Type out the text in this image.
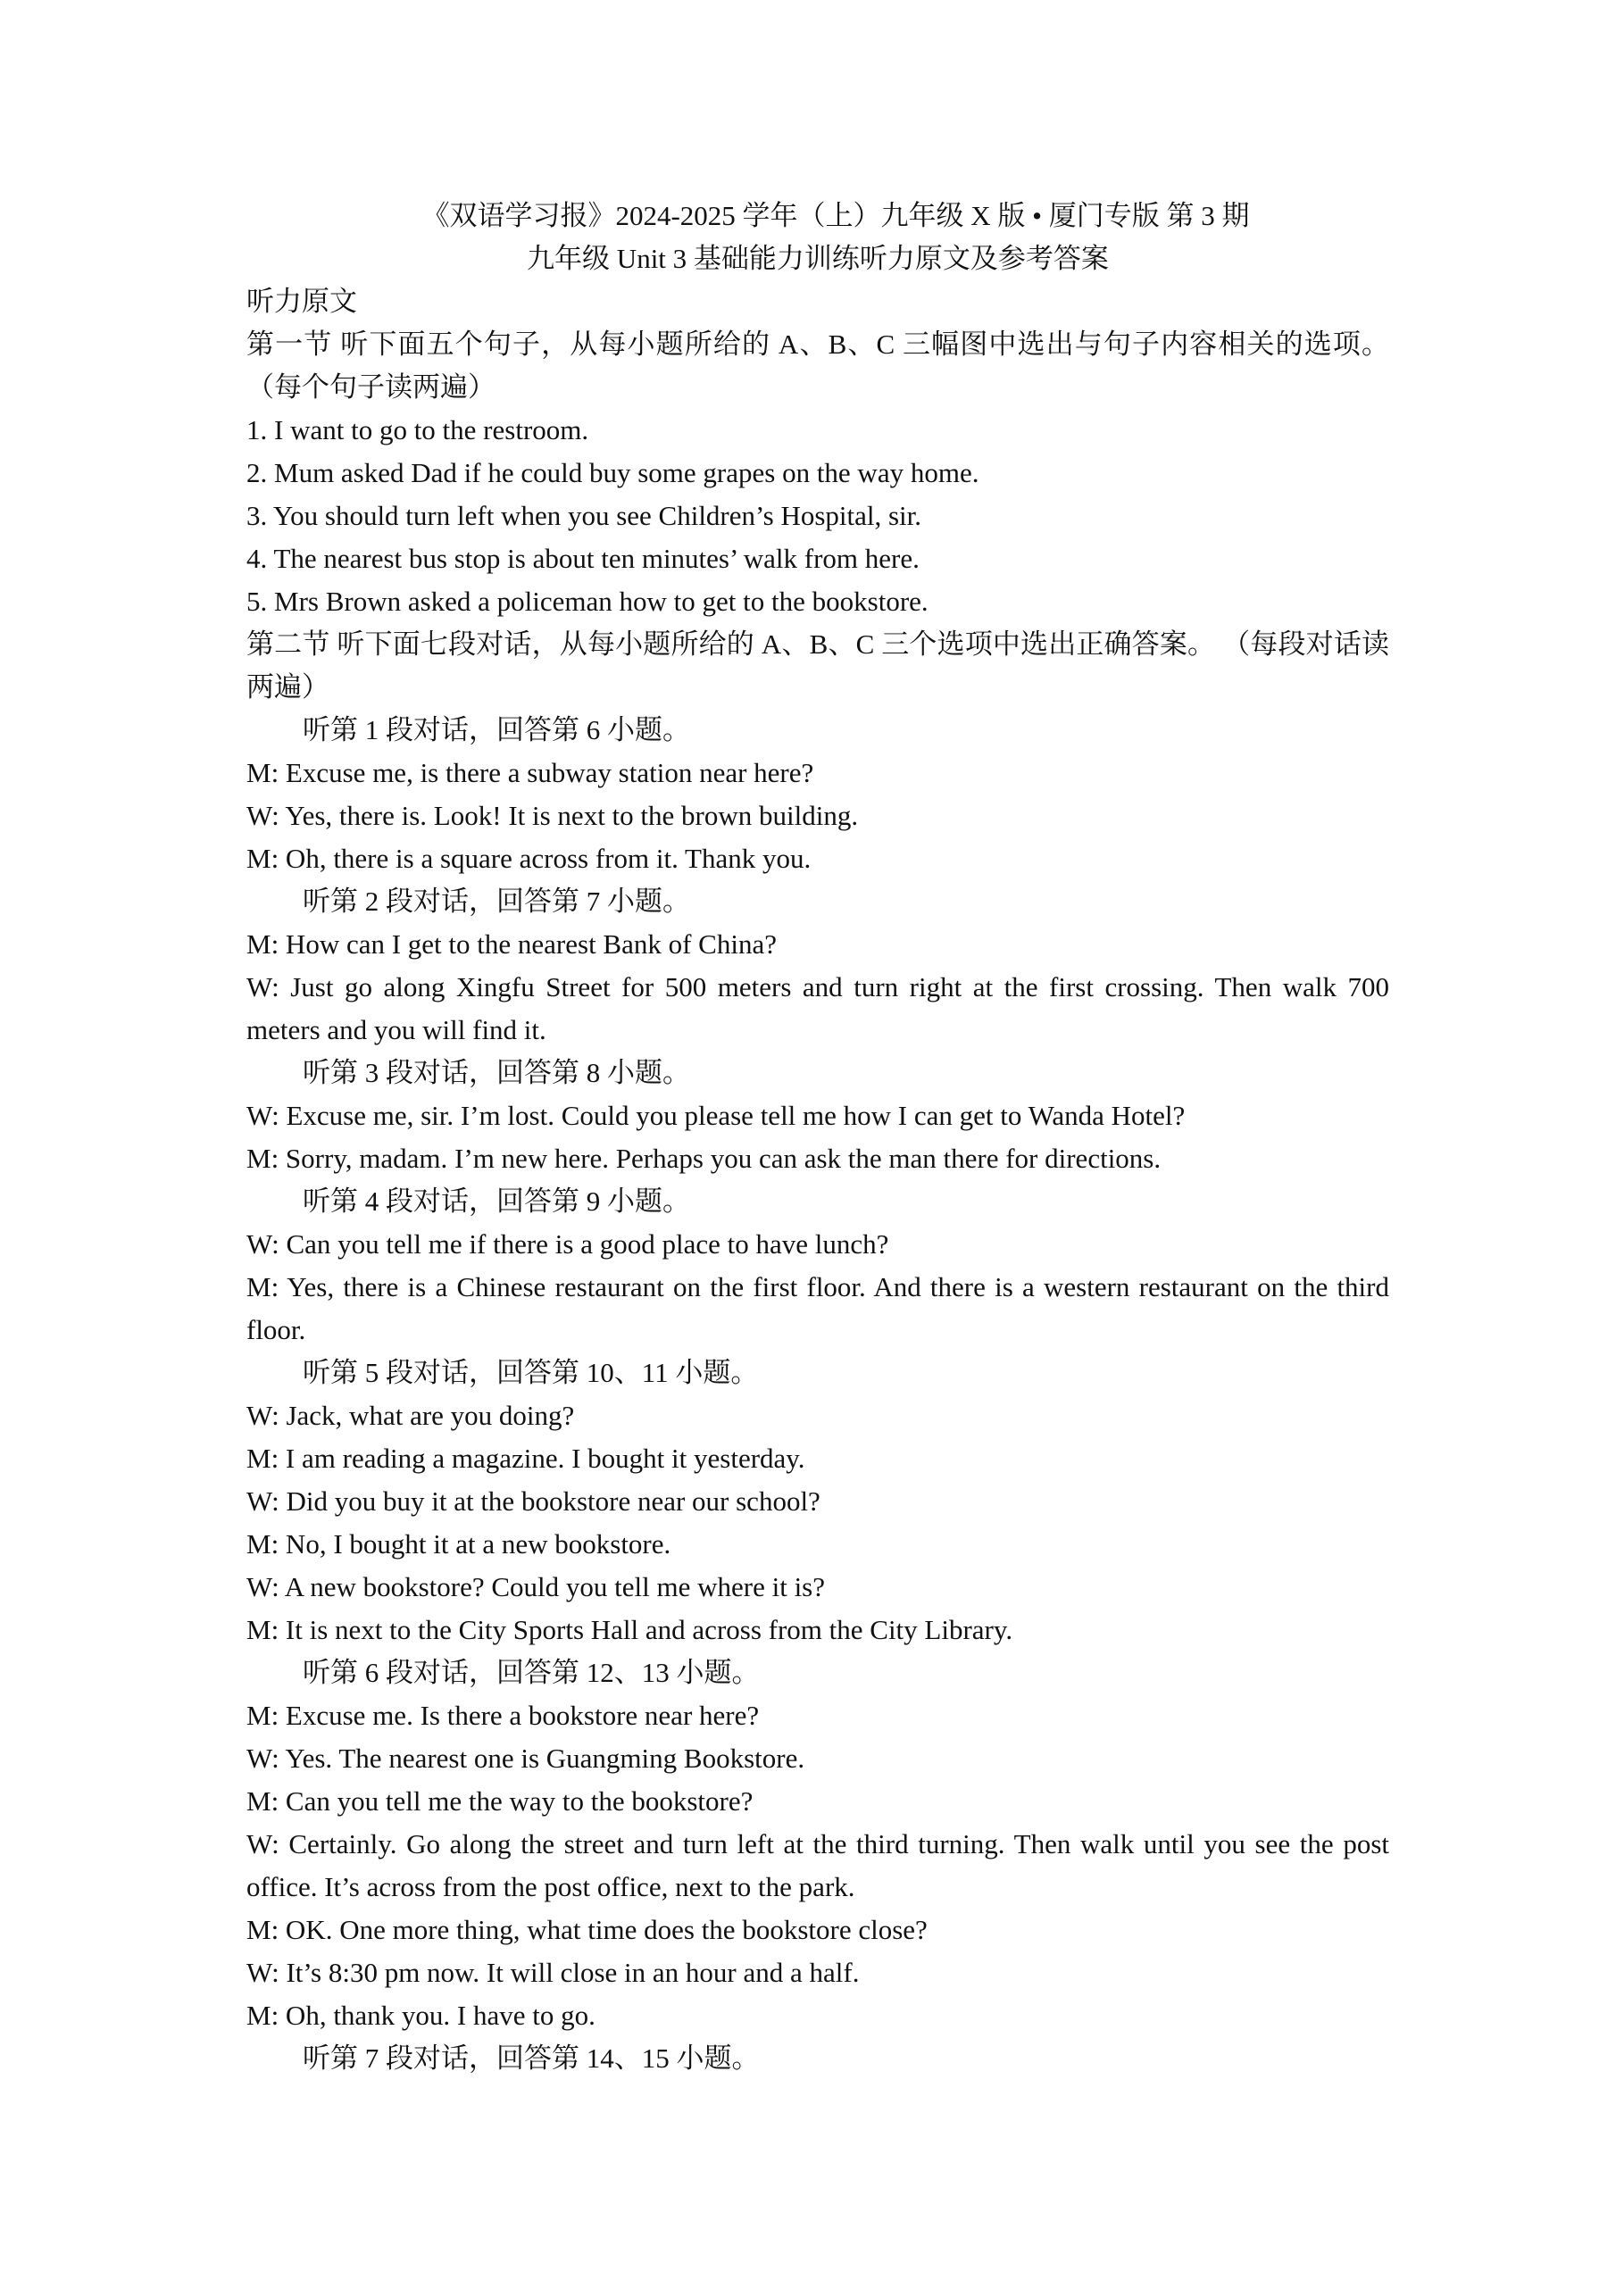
《双语学习报》2024-2025 学年（上）九年级 X 版 • 厦门专版 第 3 期
九年级 Unit 3 基础能力训练听力原文及参考答案
听力原文
第一节 听下面五个句子，从每小题所给的 A、B、C 三幅图中选出与句子内容相关的选项。（每个句子读两遍）
1. I want to go to the restroom.
2. Mum asked Dad if he could buy some grapes on the way home.
3. You should turn left when you see Children’s Hospital, sir.
4. The nearest bus stop is about ten minutes’ walk from here.
5. Mrs Brown asked a policeman how to get to the bookstore.
第二节 听下面七段对话，从每小题所给的 A、B、C 三个选项中选出正确答案。 （每段对话读两遍）
听第 1 段对话，回答第 6 小题。
M: Excuse me, is there a subway station near here?
W: Yes, there is. Look! It is next to the brown building.
M: Oh, there is a square across from it. Thank you.
听第 2 段对话，回答第 7 小题。
M: How can I get to the nearest Bank of China?
W: Just go along Xingfu Street for 500 meters and turn right at the first crossing. Then walk 700 meters and you will find it.
听第 3 段对话，回答第 8 小题。
W: Excuse me, sir. I’m lost. Could you please tell me how I can get to Wanda Hotel?
M: Sorry, madam. I’m new here. Perhaps you can ask the man there for directions.
听第 4 段对话，回答第 9 小题。
W: Can you tell me if there is a good place to have lunch?
M: Yes, there is a Chinese restaurant on the first floor. And there is a western restaurant on the third floor.
听第 5 段对话，回答第 10、11 小题。
W: Jack, what are you doing?
M: I am reading a magazine. I bought it yesterday.
W: Did you buy it at the bookstore near our school?
M: No, I bought it at a new bookstore.
W: A new bookstore? Could you tell me where it is?
M: It is next to the City Sports Hall and across from the City Library.
听第 6 段对话，回答第 12、13 小题。
M: Excuse me. Is there a bookstore near here?
W: Yes. The nearest one is Guangming Bookstore.
M: Can you tell me the way to the bookstore?
W: Certainly. Go along the street and turn left at the third turning. Then walk until you see the post office. It’s across from the post office, next to the park.
M: OK. One more thing, what time does the bookstore close?
W: It’s 8:30 pm now. It will close in an hour and a half.
M: Oh, thank you. I have to go.
听第 7 段对话，回答第 14、15 小题。
